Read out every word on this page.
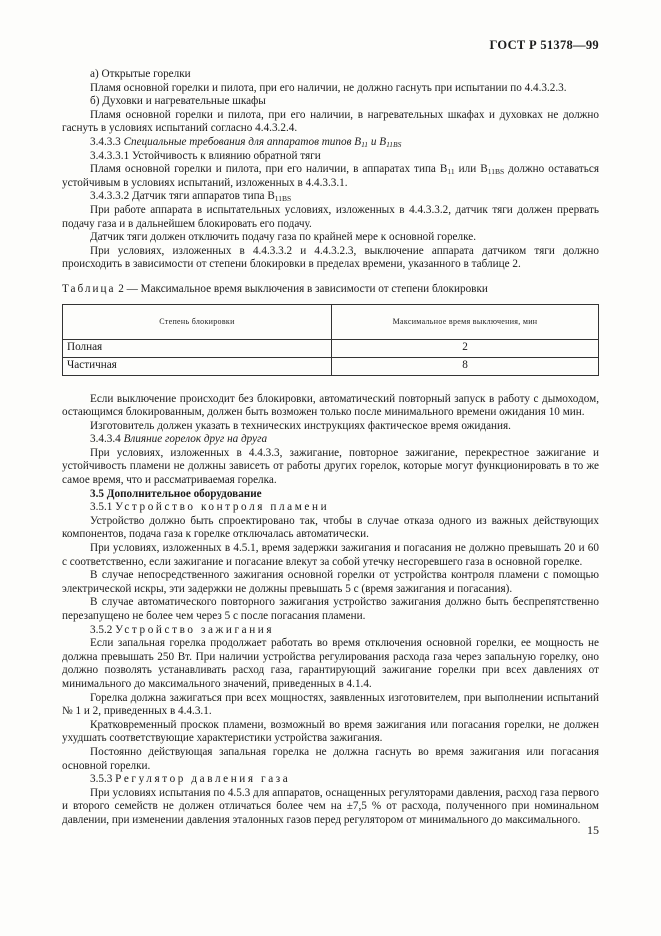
ГОСТ Р 51378—99

а) Открытые горелки

Пламя основной горелки и пилота, при его наличии, не должно гаснуть при испытании по 4.4.3.2.3.

б) Духовки и нагревательные шкафы

Пламя основной горелки и пилота, при его наличии, в нагревательных шкафах и духовках не должно гаснуть в условиях испытаний согласно 4.4.3.2.4.

3.4.3.3 Специальные требования для аппаратов типов $B_{11}$ и $B_{11BS}$

3.4.3.3.1 Устойчивость к влиянию обратной тяги

Пламя основной горелки и пилота, при его наличии, в аппаратах типа $B_{11}$ или $B_{11BS}$ должно оставаться устойчивым в условиях испытаний, изложенных в 4.4.3.3.1.

3.4.3.3.2 Датчик тяги аппаратов типа $B_{11BS}$

При работе аппарата в испытательных условиях, изложенных в 4.4.3.3.2, датчик тяги должен прервать подачу газа и в дальнейшем блокировать его подачу.

Датчик тяги должен отключить подачу газа по крайней мере к основной горелке.

При условиях, изложенных в 4.4.3.3.2 и 4.4.3.2.3, выключение аппарата датчиком тяги должно происходить в зависимости от степени блокировки в пределах времени, указанного в таблице 2.

Таблица 2 — Максимальное время выключения в зависимости от степени блокировки

Степень блокировки	Максимальное время выключения, мин
Полная	2
Частичная	8

Если выключение происходит без блокировки, автоматический повторный запуск в работу с дымоходом, остающимся блокированным, должен быть возможен только после минимального времени ожидания 10 мин.

Изготовитель должен указать в технических инструкциях фактическое время ожидания.

3.4.3.4 Влияние горелок друг на друга

При условиях, изложенных в 4.4.3.3, зажигание, повторное зажигание, перекрестное зажигание и устойчивость пламени не должны зависеть от работы других горелок, которые могут функционировать в то же самое время, что и рассматриваемая горелка.

3.5 Дополнительное оборудование

3.5.1 Устройство контроля пламени

Устройство должно быть спроектировано так, чтобы в случае отказа одного из важных действующих компонентов, подача газа к горелке отключалась автоматически.

При условиях, изложенных в 4.5.1, время задержки зажигания и погасания не должно превышать 20 и 60 с соответственно, если зажигание и погасание влекут за собой утечку несгоревшего газа в основной горелке.

В случае непосредственного зажигания основной горелки от устройства контроля пламени с помощью электрической искры, эти задержки не должны превышать 5 с (время зажигания и погасания).

В случае автоматического повторного зажигания устройство зажигания должно быть беспрепятственно перезапущено не более чем через 5 с после погасания пламени.

3.5.2 Устройство зажигания

Если запальная горелка продолжает работать во время отключения основной горелки, ее мощность не должна превышать 250 Вт. При наличии устройства регулирования расхода газа через запальную горелку, оно должно позволять устанавливать расход газа, гарантирующий зажигание горелки при всех давлениях от минимального до максимального значений, приведенных в 4.1.4.

Горелка должна зажигаться при всех мощностях, заявленных изготовителем, при выполнении испытаний № 1 и 2, приведенных в 4.4.3.1.

Кратковременный проскок пламени, возможный во время зажигания или погасания горелки, не должен ухудшать соответствующие характеристики устройства зажигания.

Постоянно действующая запальная горелка не должна гаснуть во время зажигания или погасания основной горелки.

3.5.3 Регулятор давления газа

При условиях испытания по 4.5.3 для аппаратов, оснащенных регуляторами давления, расход газа первого и второго семейств не должен отличаться более чем на ±7,5 % от расхода, полученного при номинальном давлении, при изменении давления эталонных газов перед регулятором от минимального до максимального.

15
